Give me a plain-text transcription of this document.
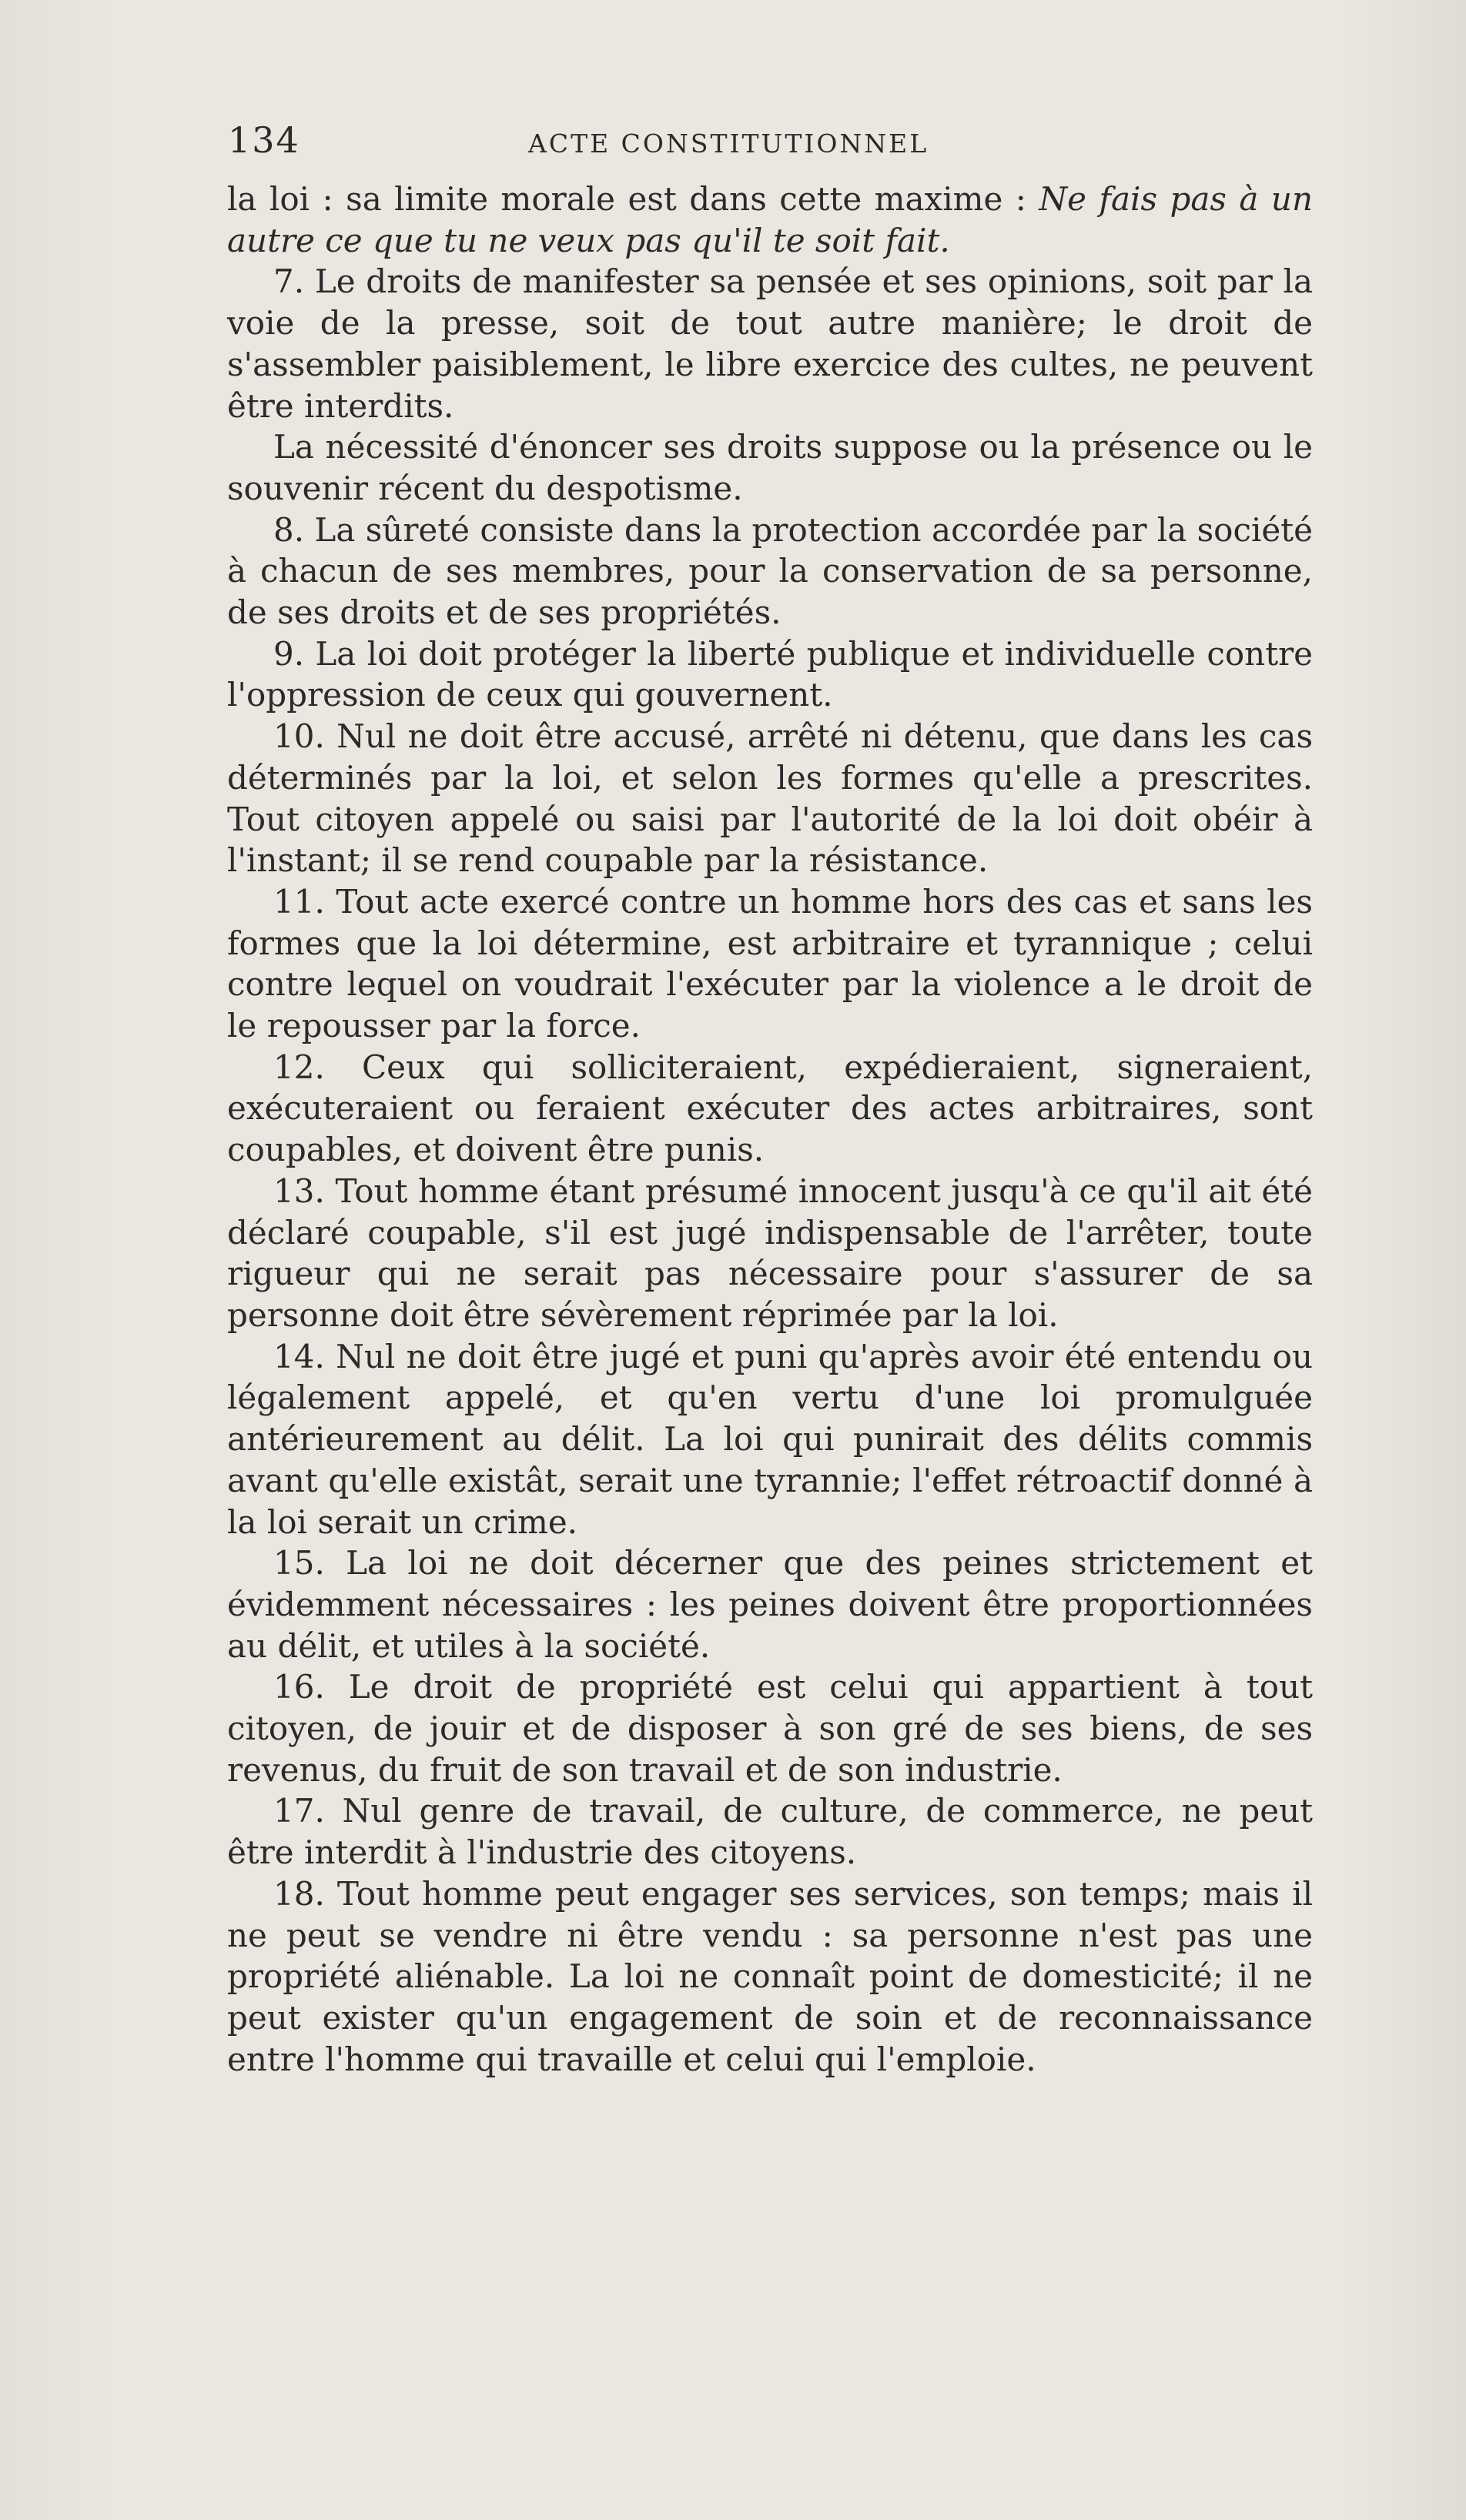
134	ACTE CONSTITUTIONNEL

la loi : sa limite morale est dans cette maxime : Ne fais pas à un autre ce que tu ne veux pas qu'il te soit fait.

7. Le droits de manifester sa pensée et ses opinions, soit par la voie de la presse, soit de tout autre manière; le droit de s'assembler paisiblement, le libre exercice des cultes, ne peuvent être interdits.

La nécessité d'énoncer ses droits suppose ou la présence ou le souvenir récent du despotisme.

8. La sûreté consiste dans la protection accordée par la société à chacun de ses membres, pour la conservation de sa personne, de ses droits et de ses propriétés.

9. La loi doit protéger la liberté publique et individuelle contre l'oppression de ceux qui gouvernent.

10. Nul ne doit être accusé, arrêté ni détenu, que dans les cas déterminés par la loi, et selon les formes qu'elle a prescrites. Tout citoyen appelé ou saisi par l'autorité de la loi doit obéir à l'instant; il se rend coupable par la résistance.

11. Tout acte exercé contre un homme hors des cas et sans les formes que la loi détermine, est arbitraire et tyrannique ; celui contre lequel on voudrait l'exécuter par la violence a le droit de le repousser par la force.

12. Ceux qui solliciteraient, expédieraient, signeraient, exécuteraient ou feraient exécuter des actes arbitraires, sont coupables, et doivent être punis.

13. Tout homme étant présumé innocent jusqu'à ce qu'il ait été déclaré coupable, s'il est jugé indispensable de l'arrêter, toute rigueur qui ne serait pas nécessaire pour s'assurer de sa personne doit être sévèrement réprimée par la loi.

14. Nul ne doit être jugé et puni qu'après avoir été entendu ou légalement appelé, et qu'en vertu d'une loi promulguée antérieurement au délit. La loi qui punirait des délits commis avant qu'elle existât, serait une tyrannie; l'effet rétroactif donné à la loi serait un crime.

15. La loi ne doit décerner que des peines strictement et évidemment nécessaires : les peines doivent être proportionnées au délit, et utiles à la société.

16. Le droit de propriété est celui qui appartient à tout citoyen, de jouir et de disposer à son gré de ses biens, de ses revenus, du fruit de son travail et de son industrie.

17. Nul genre de travail, de culture, de commerce, ne peut être interdit à l'industrie des citoyens.

18. Tout homme peut engager ses services, son temps; mais il ne peut se vendre ni être vendu : sa personne n'est pas une propriété aliénable. La loi ne connaît point de domesticité; il ne peut exister qu'un engagement de soin et de reconnaissance entre l'homme qui travaille et celui qui l'emploie.
